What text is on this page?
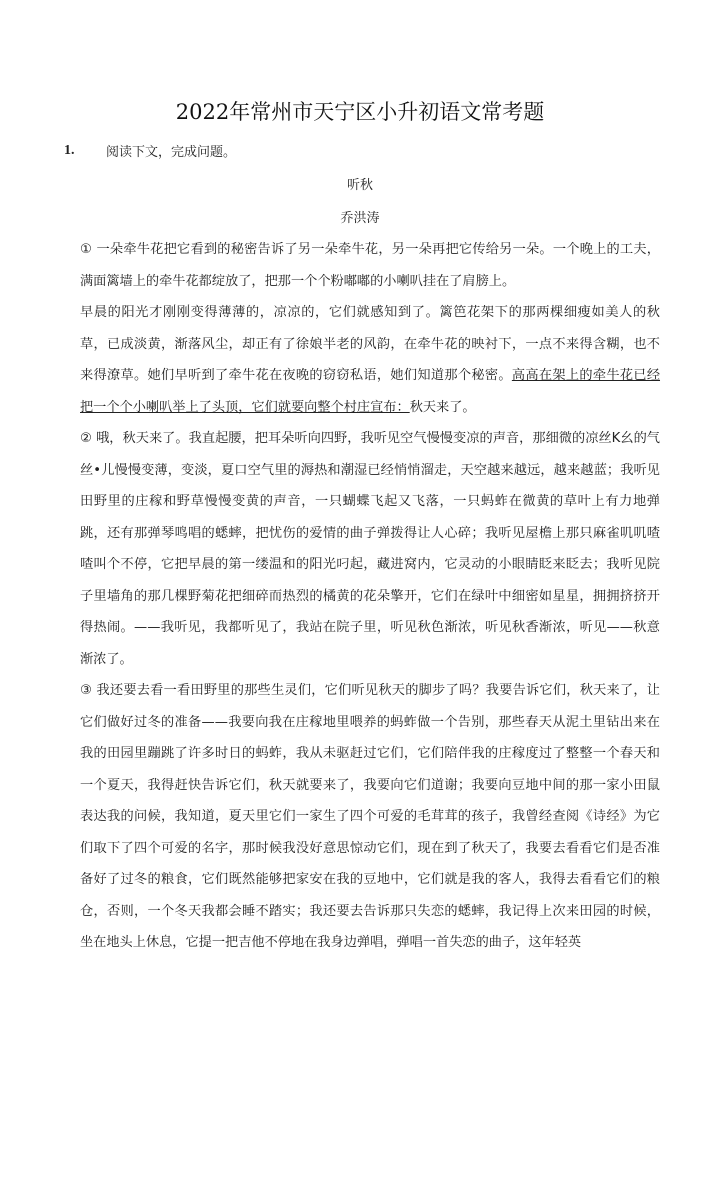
2022年常州市天宁区小升初语文常考题
1. 阅读下文，完成问题。
听秋
乔洪涛

① 一朵牵牛花把它看到的秘密告诉了另一朵牵牛花，另一朵再把它传给另一朵。一个晚上的工夫，满面篱墙上的牵牛花都绽放了，把那一个个粉嘟嘟的小喇叭挂在了肩膀上。

早晨的阳光才刚刚变得薄薄的，凉凉的，它们就感知到了。篱笆花架下的那两棵细瘦如美人的秋草，已成淡黄，渐落风尘，却正有了徐娘半老的风韵，在牵牛花的映衬下，一点不来得含糊，也不来得潦草。她们早听到了牵牛花在夜晚的窃窃私语，她们知道那个秘密。高高在架上的牵牛花已经把一个个小喇叭举上了头顶，它们就要向整个村庄宣布：秋天来了。

② 哦，秋天来了。我直起腰，把耳朵听向四野，我听见空气慢慢变凉的声音，那细微的凉丝K幺的气丝•儿慢慢变薄，变淡，夏口空气里的溽热和潮湿已经悄悄溜走，天空越来越远，越来越蓝；我听见田野里的庄稼和野草慢慢变黄的声音，一只蝴蝶飞起又飞落，一只蚂蚱在微黄的草叶上有力地弹跳，还有那弹琴鸣唱的蟋蟀，把忧伤的爱情的曲子弹拨得让人心碎；我听见屋檐上那只麻雀叽叽喳喳叫个不停，它把早晨的第一缕温和的阳光叼起，藏进窝内，它灵动的小眼睛眨来眨去；我听见院子里墙角的那几棵野菊花把细碎而热烈的橘黄的花朵擎开，它们在绿叶中细密如星星，拥拥挤挤开得热闹。——我听见，我都听见了，我站在院子里，听见秋色渐浓，听见秋香渐浓，听见——秋意渐浓了。

③ 我还要去看一看田野里的那些生灵们，它们听见秋天的脚步了吗？我要告诉它们，秋天来了，让它们做好过冬的准备——我要向我在庄稼地里喂养的蚂蚱做一个告别，那些春天从泥土里钻出来在我的田园里蹦跳了许多时日的蚂蚱，我从未驱赶过它们，它们陪伴我的庄稼度过了整整一个春天和一个夏天，我得赶快告诉它们，秋天就要来了，我要向它们道谢；我要向豆地中间的那一家小田鼠表达我的问候，我知道，夏天里它们一家生了四个可爱的毛茸茸的孩子，我曾经查阅《诗经》为它们取下了四个可爱的名字，那时候我没好意思惊动它们，现在到了秋天了，我要去看看它们是否准备好了过冬的粮食，它们既然能够把家安在我的豆地中，它们就是我的客人，我得去看看它们的粮仓，否则，一个冬天我都会睡不踏实；我还要去告诉那只失恋的蟋蟀，我记得上次来田园的时候，坐在地头上休息，它提一把吉他不停地在我身边弹唱，弹唱一首失恋的曲子，这年轻英
